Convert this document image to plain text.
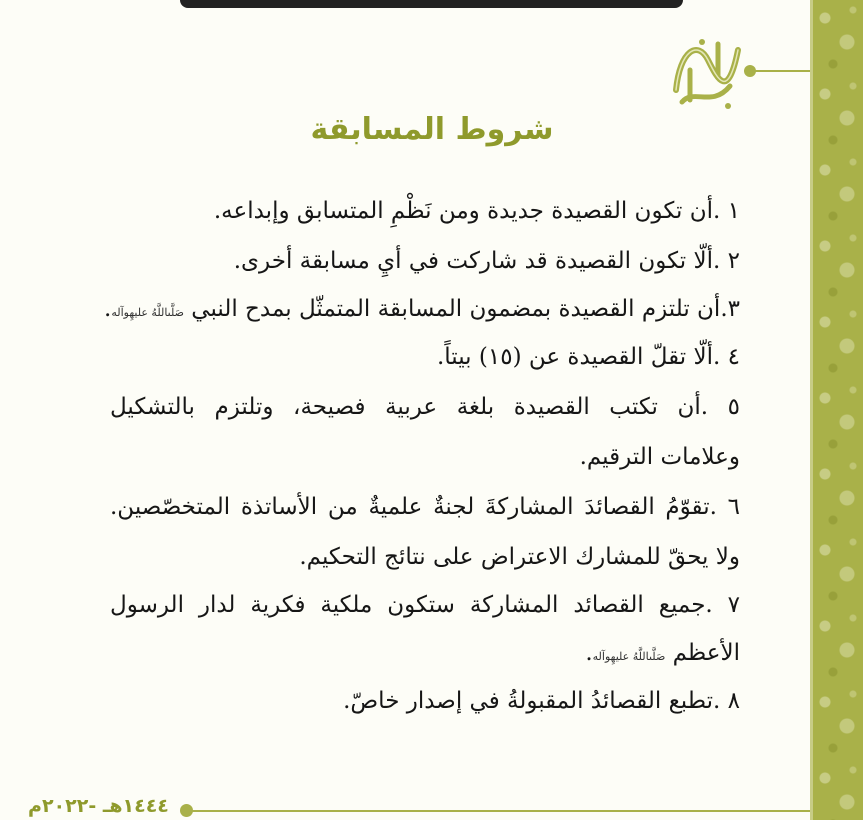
شروط المسابقة
١ .أن تكون القصيدة جديدة ومن نَظْمِ المتسابق وإبداعه.
٢ .ألّا تكون القصيدة قد شاركت في أيِ مسابقة أخرى.
٣.أن تلتزم القصيدة بمضمون المسابقة المتمثّل بمدح النبي صَلَّىاللَّهُ عليهِوآله.
٤ .ألّا تقلّ القصيدة عن (١٥) بيتاً.
٥ .أن تكتب القصيدة بلغة عربية فصيحة، وتلتزم بالتشكيل
وعلامات الترقيم.
٦ .تقوّمُ القصائدَ المشاركةَ لجنةٌ علميةٌ من الأساتذة المتخصّصين.
ولا يحقّ للمشارك الاعتراض على نتائج التحكيم.
٧ .جميع القصائد المشاركة ستكون ملكية فكرية لدار الرسول
الأعظم صَلَّىاللَّهُ عليهِوآله.
٨ .تطبع القصائدُ المقبولةُ في إصدار خاصّ.
١٤٤٤هـ -٢٠٢٢م
